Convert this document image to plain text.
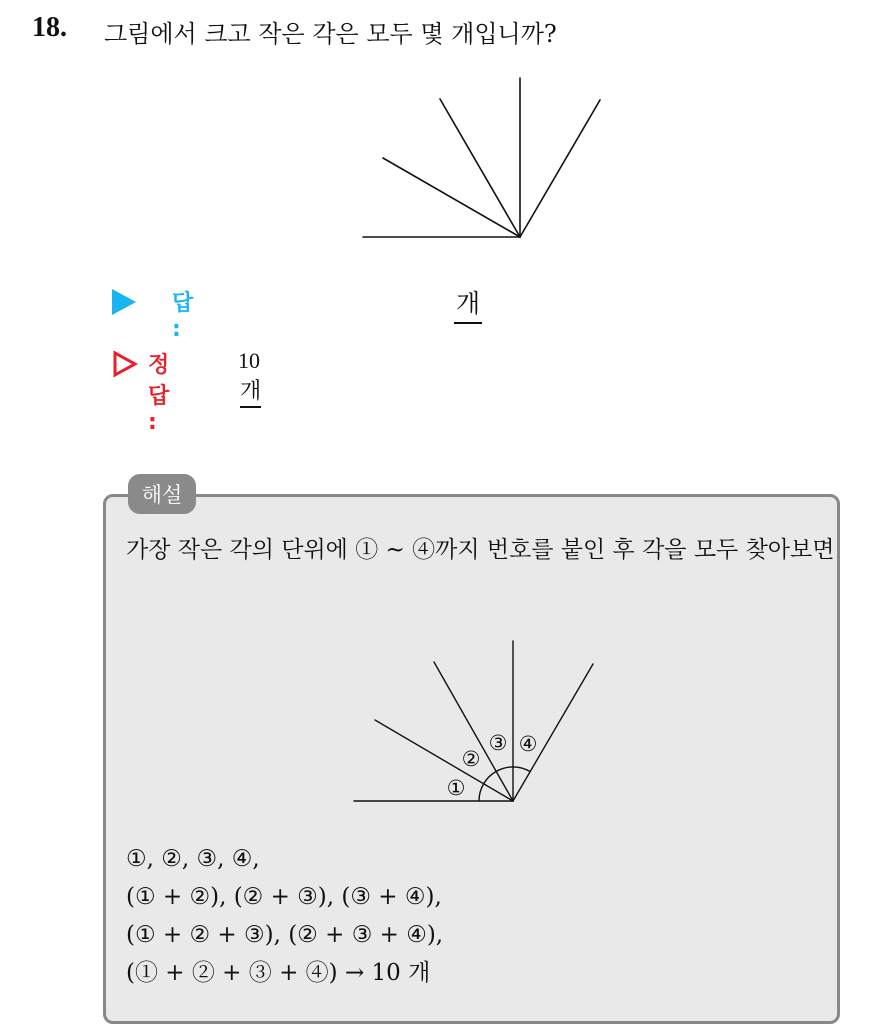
18. 그림에서 크고 작은 각은 모두 몇 개입니까?
답 :
개
정답 :
10개
해설

가장 작은 각의 단위에 ① ~ ④까지 번호를 붙인 후 각을 모두 찾아보면

①
②
③ ④
①, ②, ③, ④,
(① + ②), (② + ③), (③ + ④),
(① + ② + ③), (② + ③ + ④),
(① + ② + ③ + ④) → 10 개
